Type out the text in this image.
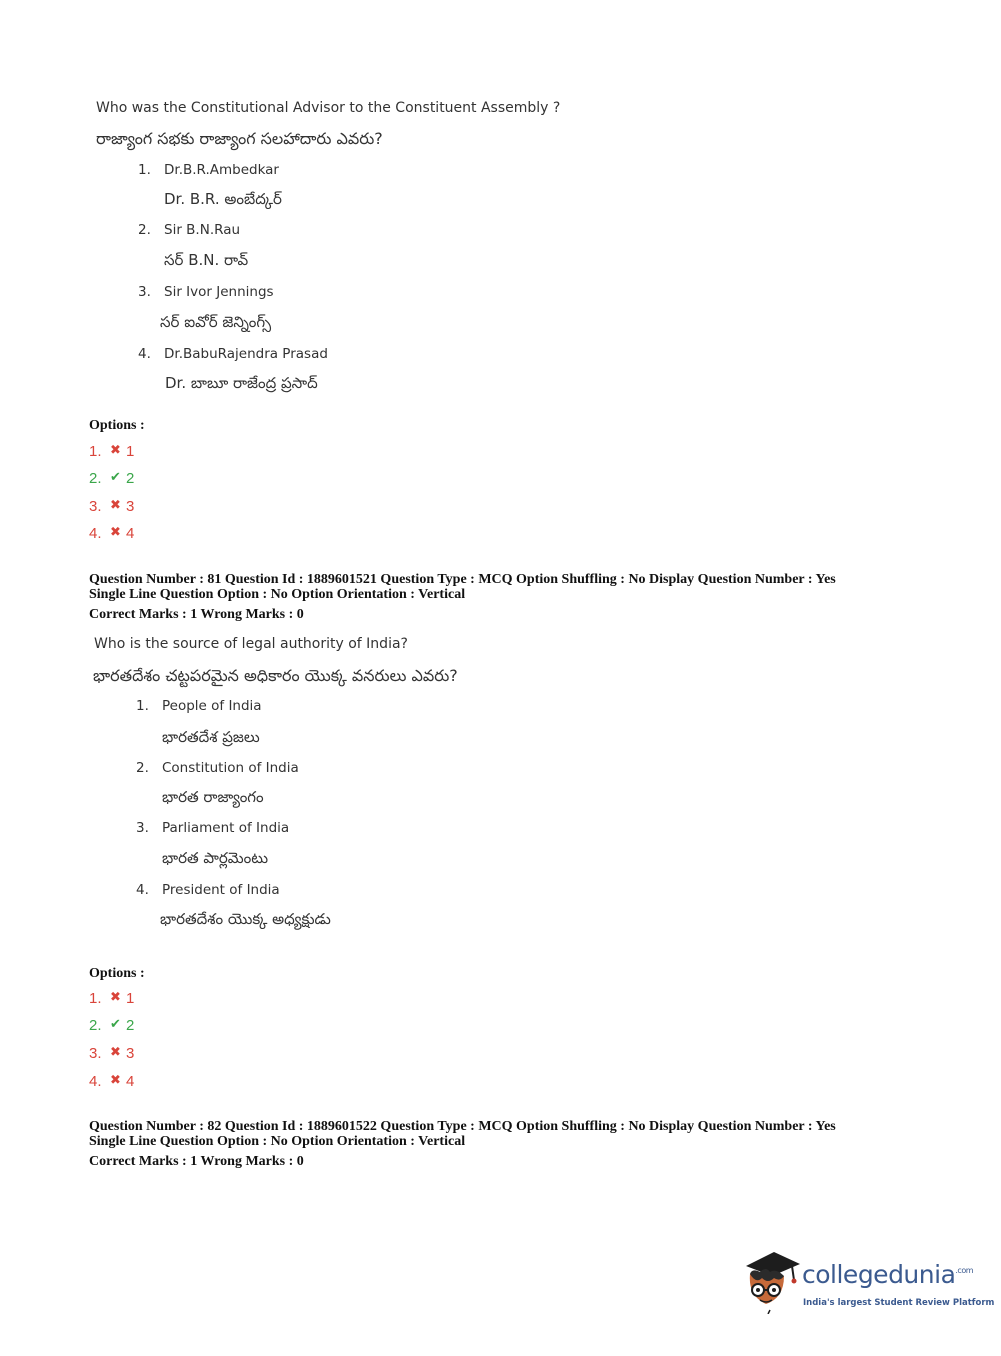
Who was the Constitutional Advisor to the Constituent Assembly ?
రాజ్యాంగ సభకు రాజ్యాంగ సలహాదారు ఎవరు?
1. Dr.B.R.Ambedkar
Dr. B.R. అంబేద్కర్
2. Sir B.N.Rau
సర్ B.N. రావ్
3. Sir Ivor Jennings
సర్ ఐవోర్ జెన్నింగ్స్
4. Dr.BabuRajendra Prasad
Dr. బాబూ రాజేంద్ర ప్రసాద్
Options :
1. ✖ 1
2. ✔ 2
3. ✖ 3
4. ✖ 4
Question Number : 81 Question Id : 1889601521 Question Type : MCQ Option Shuffling : No Display Question Number : Yes
Single Line Question Option : No Option Orientation : Vertical
Correct Marks : 1 Wrong Marks : 0
Who is the source of legal authority of India?
భారతదేశం చట్టపరమైన అధికారం యొక్క వనరులు ఎవరు?
1. People of India
భారతదేశ ప్రజలు
2. Constitution of India
భారత రాజ్యాంగం
3. Parliament of India
భారత పార్లమెంటు
4. President of India
భారతదేశం యొక్క అధ్యక్షుడు
Options :
1. ✖ 1
2. ✔ 2
3. ✖ 3
4. ✖ 4
Question Number : 82 Question Id : 1889601522 Question Type : MCQ Option Shuffling : No Display Question Number : Yes
Single Line Question Option : No Option Orientation : Vertical
Correct Marks : 1 Wrong Marks : 0
collegedunia$^{.com}$
India's largest Student Review Platform
